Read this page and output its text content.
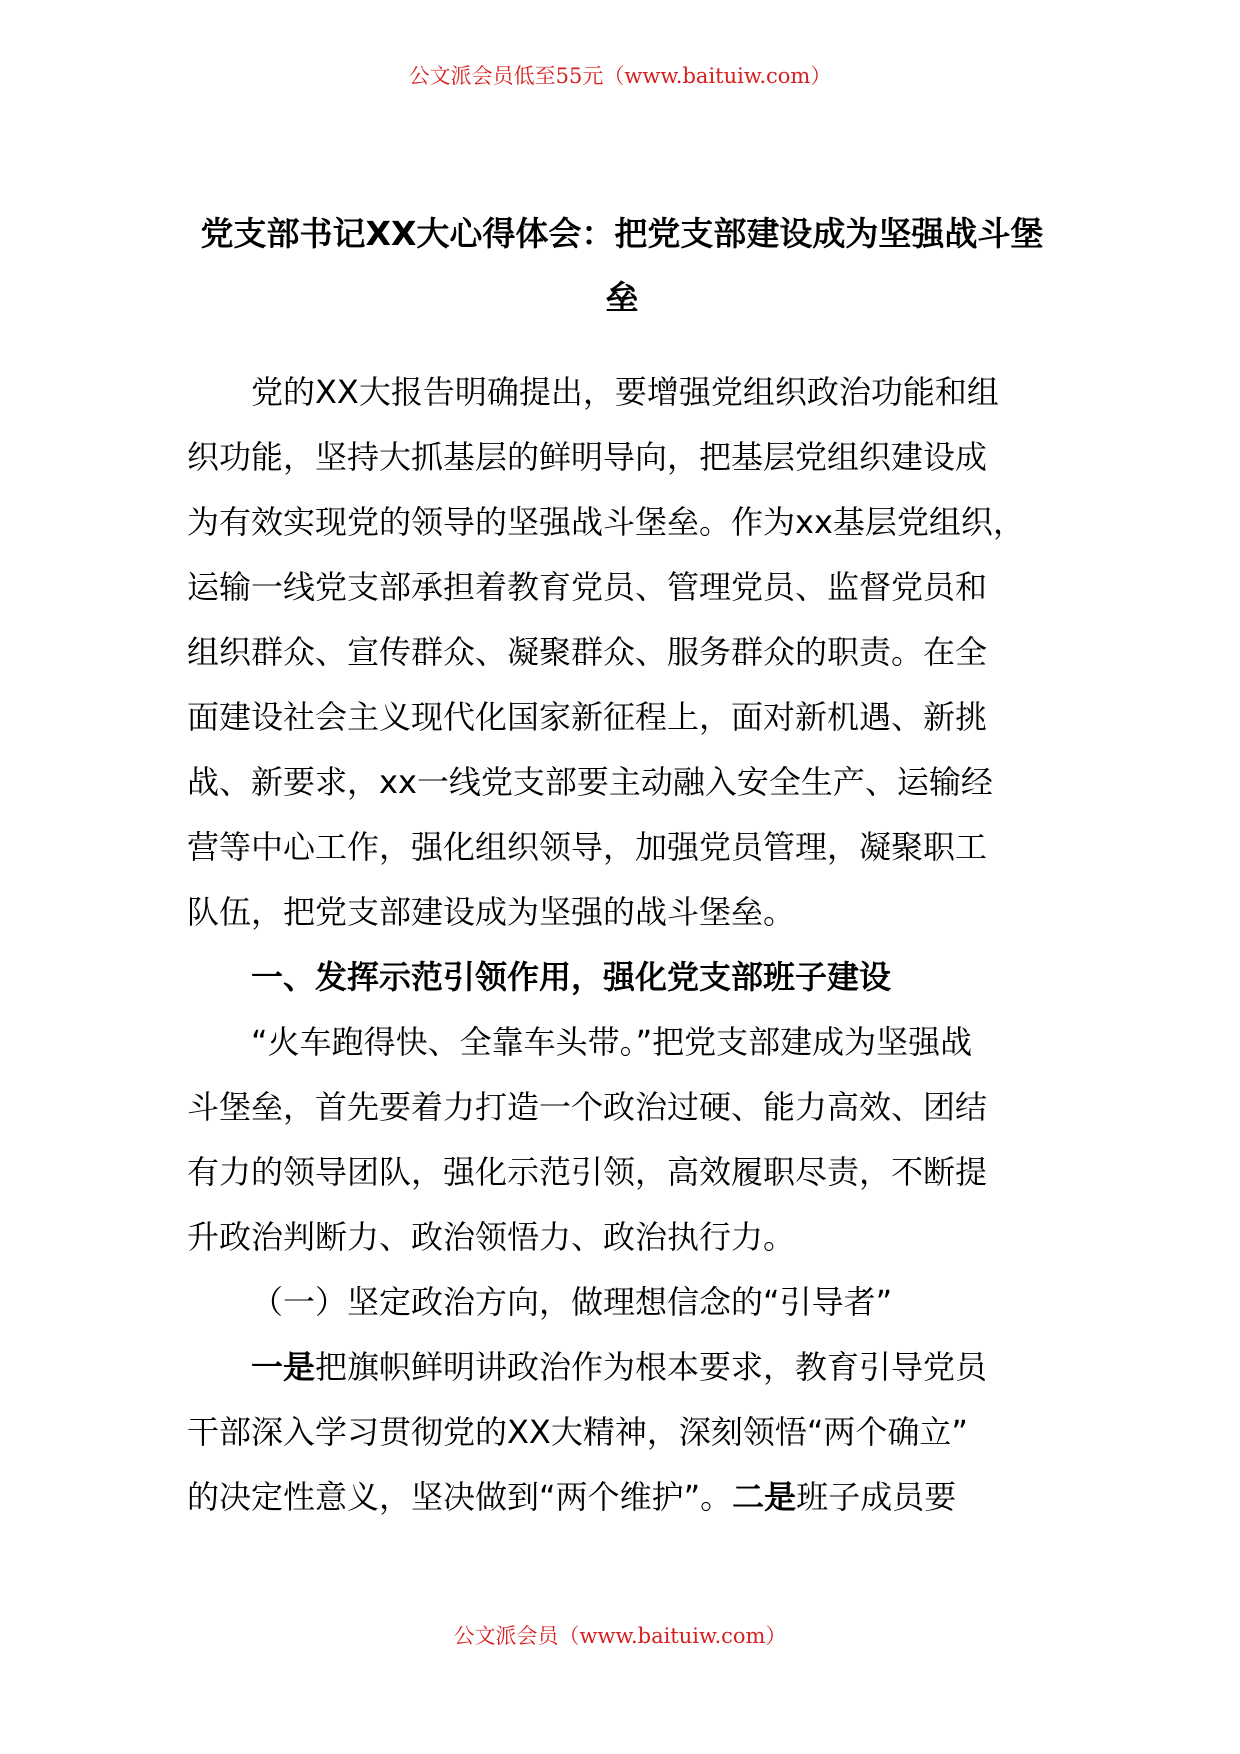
公文派会员低至55元（www.baituiw.com）
党支部书记XX大心得体会：把党支部建设成为坚强战斗堡
垒
党的XX大报告明确提出，要增强党组织政治功能和组
织功能，坚持大抓基层的鲜明导向，把基层党组织建设成
为有效实现党的领导的坚强战斗堡垒。作为xx基层党组织，
运输一线党支部承担着教育党员、管理党员、监督党员和
组织群众、宣传群众、凝聚群众、服务群众的职责。在全
面建设社会主义现代化国家新征程上，面对新机遇、新挑
战、新要求，xx一线党支部要主动融入安全生产、运输经
营等中心工作，强化组织领导，加强党员管理，凝聚职工
队伍，把党支部建设成为坚强的战斗堡垒。
一、发挥示范引领作用，强化党支部班子建设
“火车跑得快、全靠车头带。”把党支部建成为坚强战
斗堡垒，首先要着力打造一个政治过硬、能力高效、团结
有力的领导团队，强化示范引领，高效履职尽责，不断提
升政治判断力、政治领悟力、政治执行力。
（一）坚定政治方向，做理想信念的“引导者”
一是把旗帜鲜明讲政治作为根本要求，教育引导党员
干部深入学习贯彻党的XX大精神，深刻领悟“两个确立”
的决定性意义，坚决做到“两个维护”。二是班子成员要
公文派会员（www.baituiw.com）
